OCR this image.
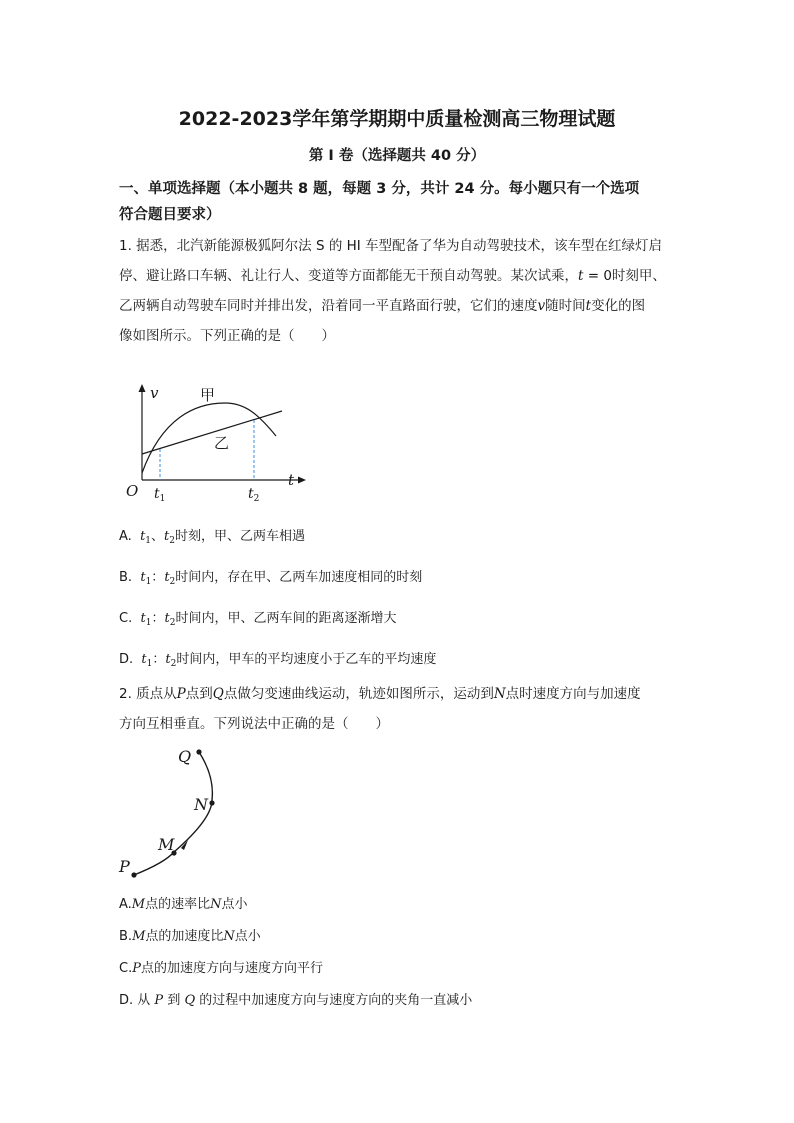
2022-2023学年第学期期中质量检测高三物理试题
第 I 卷（选择题共 40 分）
一、单项选择题（本小题共 8 题，每题 3 分，共计 24 分。每小题只有一个选项
符合题目要求）
1. 据悉，北汽新能源极狐阿尔法 S 的 HI 车型配备了华为自动驾驶技术，该车型在红绿灯启
停、避让路口车辆、礼让行人、变道等方面都能无干预自动驾驶。某次试乘，t = 0时刻甲、
乙两辆自动驾驶车同时并排出发，沿着同一平直路面行驶，它们的速度v随时间t变化的图
像如图所示。下列正确的是（　　）
v
t
O $t_1$	$t_2$
甲
乙
A. $t_1$、$t_2$时刻，甲、乙两车相遇
B. $t_1$：$t_2$时间内，存在甲、乙两车加速度相同的时刻
C. $t_1$：$t_2$时间内，甲、乙两车间的距离逐渐增大
D. $t_1$：$t_2$时间内，甲车的平均速度小于乙车的平均速度
2. 质点从P点到Q点做匀变速曲线运动，轨迹如图所示，运动到N点时速度方向与加速度
方向互相垂直。下列说法中正确的是（　　）
Q
N
M
P
A.M点的速率比N点小
B.M点的加速度比N点小
C.P点的加速度方向与速度方向平行
D. 从 P 到 Q 的过程中加速度方向与速度方向的夹角一直减小
